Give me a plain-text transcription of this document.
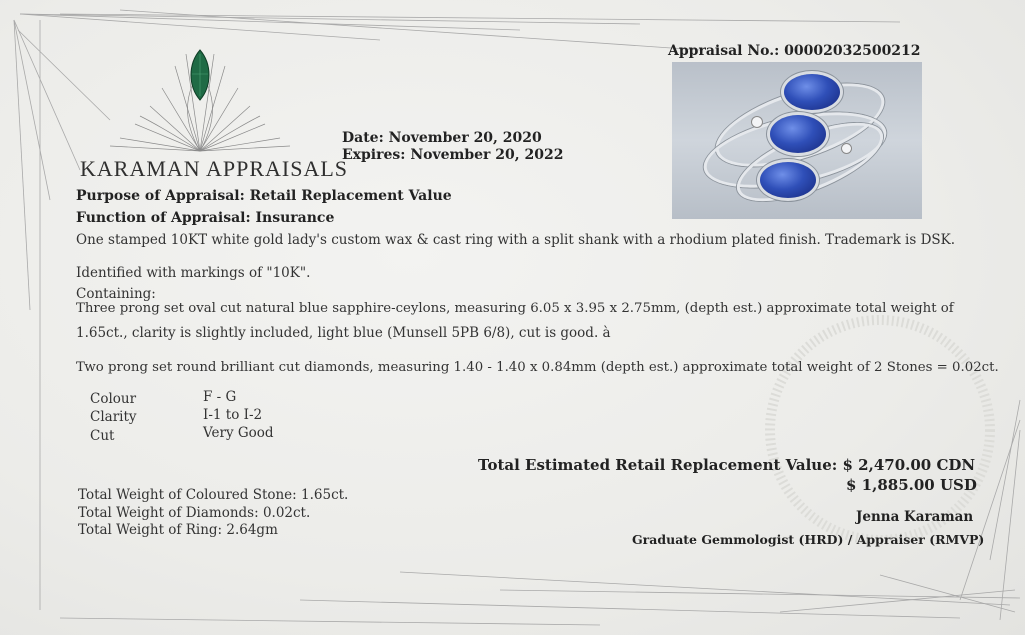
KARAMAN APPRAISALS
Date: November 20, 2020
Expires: November 20, 2022
Appraisal No.: 00002032500212
Purpose of Appraisal: Retail Replacement Value
Function of Appraisal: Insurance
One stamped 10KT white gold lady's custom wax & cast ring with a split shank with a rhodium plated finish. Trademark is DSK.
Identified with markings of "10K".
Containing:
Three prong set oval cut natural blue sapphire-ceylons, measuring 6.05 x 3.95 x 2.75mm, (depth est.) approximate total weight of
1.65ct., clarity is slightly included, light blue (Munsell 5PB 6/8), cut is good. à
Two prong set round brilliant cut diamonds, measuring 1.40 - 1.40 x 0.84mm (depth est.) approximate total weight of 2 Stones = 0.02ct.
Colour	F - G
Clarity	I-1 to I-2
Cut	Very Good
Total Weight of Coloured Stone: 1.65ct.
Total Weight of Diamonds: 0.02ct.
Total Weight of Ring: 2.64gm
Total Estimated Retail Replacement Value: $ 2,470.00 CDN
$ 1,885.00 USD
Jenna Karaman
Graduate Gemmologist (HRD) / Appraiser (RMVP)
